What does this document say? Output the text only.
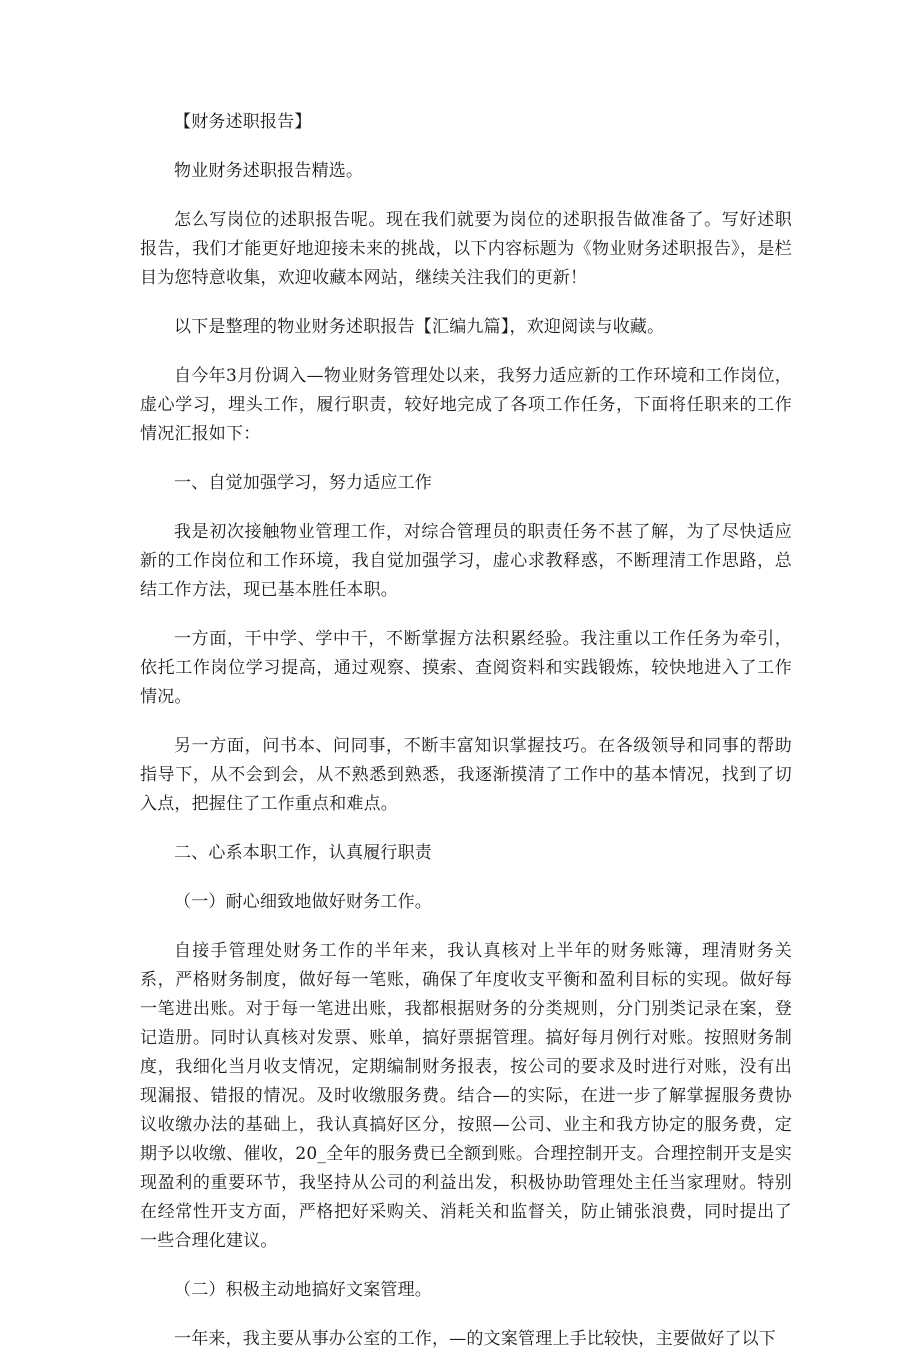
【财务述职报告】

物业财务述职报告精选。

怎么写岗位的述职报告呢。现在我们就要为岗位的述职报告做准备了。写好述职报告，我们才能更好地迎接未来的挑战，以下内容标题为《物业财务述职报告》，是栏目为您特意收集，欢迎收藏本网站，继续关注我们的更新！

以下是整理的物业财务述职报告【汇编九篇】，欢迎阅读与收藏。

自今年3月份调入—物业财务管理处以来，我努力适应新的工作环境和工作岗位，虚心学习，埋头工作，履行职责，较好地完成了各项工作任务，下面将任职来的工作情况汇报如下：

一、自觉加强学习，努力适应工作

我是初次接触物业管理工作，对综合管理员的职责任务不甚了解，为了尽快适应新的工作岗位和工作环境，我自觉加强学习，虚心求教释惑，不断理清工作思路，总结工作方法，现已基本胜任本职。

一方面，干中学、学中干，不断掌握方法积累经验。我注重以工作任务为牵引，依托工作岗位学习提高，通过观察、摸索、查阅资料和实践锻炼，较快地进入了工作情况。

另一方面，问书本、问同事，不断丰富知识掌握技巧。在各级领导和同事的帮助指导下，从不会到会，从不熟悉到熟悉，我逐渐摸清了工作中的基本情况，找到了切入点，把握住了工作重点和难点。

二、心系本职工作，认真履行职责

（一）耐心细致地做好财务工作。

自接手管理处财务工作的半年来，我认真核对上半年的财务账簿，理清财务关系，严格财务制度，做好每一笔账，确保了年度收支平衡和盈利目标的实现。做好每一笔进出账。对于每一笔进出账，我都根据财务的分类规则，分门别类记录在案，登记造册。同时认真核对发票、账单，搞好票据管理。搞好每月例行对账。按照财务制度，我细化当月收支情况，定期编制财务报表，按公司的要求及时进行对账，没有出现漏报、错报的情况。及时收缴服务费。结合—的实际，在进一步了解掌握服务费协议收缴办法的基础上，我认真搞好区分，按照—公司、业主和我方协定的服务费，定期予以收缴、催收，20_全年的服务费已全额到账。合理控制开支。合理控制开支是实现盈利的重要环节，我坚持从公司的利益出发，积极协助管理处主任当家理财。特别在经常性开支方面，严格把好采购关、消耗关和监督关，防止铺张浪费，同时提出了一些合理化建议。

（二）积极主动地搞好文案管理。

一年来，我主要从事办公室的工作，—的文案管理上手比较快，主要做好了以下
